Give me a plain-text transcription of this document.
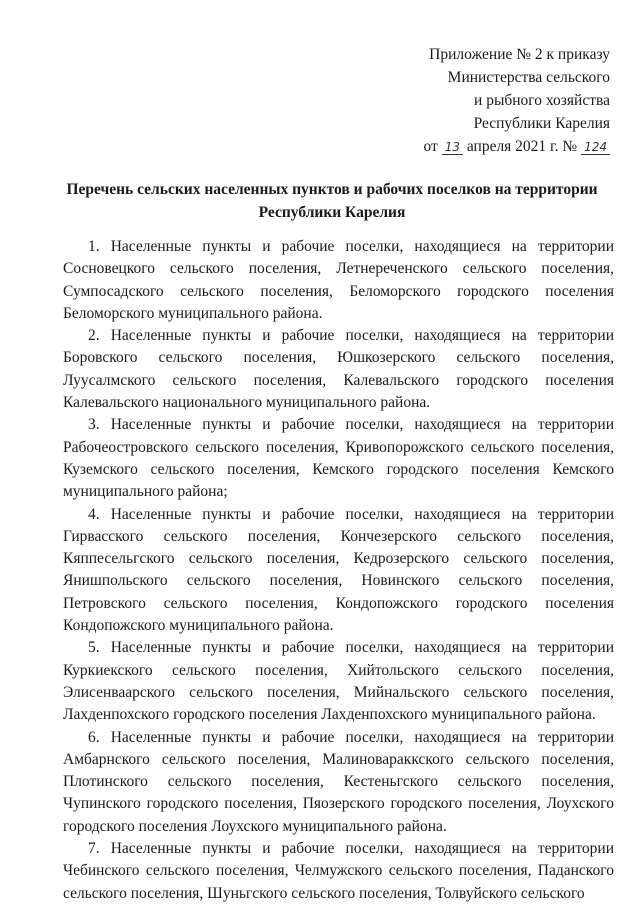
Приложение № 2 к приказу
Министерства сельского
и рыбного хозяйства
Республики Карелия
от 13 апреля 2021 г. № 124
Перечень сельских населенных пунктов и рабочих поселков на территории Республики Карелия

1. Населенные пункты и рабочие поселки, находящиеся на территории Сосновецкого сельского поселения, Летнереченского сельского поселения, Сумпосадского сельского поселения, Беломорского городского поселения Беломорского муниципального района.

2. Населенные пункты и рабочие поселки, находящиеся на территории Боровского сельского поселения, Юшкозерского сельского поселения, Луусалмского сельского поселения, Калевальского городского поселения Калевальского национального муниципального района.

3. Населенные пункты и рабочие поселки, находящиеся на территории Рабочеостровского сельского поселения, Кривопорожского сельского поселения, Куземского сельского поселения, Кемского городского поселения Кемского муниципального района;

4. Населенные пункты и рабочие поселки, находящиеся на территории Гирвасского сельского поселения, Кончезерского сельского поселения, Кяппесельгского сельского поселения, Кедрозерского сельского поселения, Янишпольского сельского поселения, Новинского сельского поселения, Петровского сельского поселения, Кондопожского городского поселения Кондопожского муниципального района.

5. Населенные пункты и рабочие поселки, находящиеся на территории Куркиекского сельского поселения, Хийтольского сельского поселения, Элисенваарского сельского поселения, Мийнальского сельского поселения, Лахденпохского городского поселения Лахденпохского муниципального района.

6. Населенные пункты и рабочие поселки, находящиеся на территории Амбарнского сельского поселения, Малиновараккского сельского поселения, Плотинского сельского поселения, Кестеньгского сельского поселения, Чупинского городского поселения, Пяозерского городского поселения, Лоухского городского поселения Лоухского муниципального района.

7. Населенные пункты и рабочие поселки, находящиеся на территории Чебинского сельского поселения, Челмужского сельского поселения, Паданского сельского поселения, Шуньгского сельского поселения, Толвуйского сельского
